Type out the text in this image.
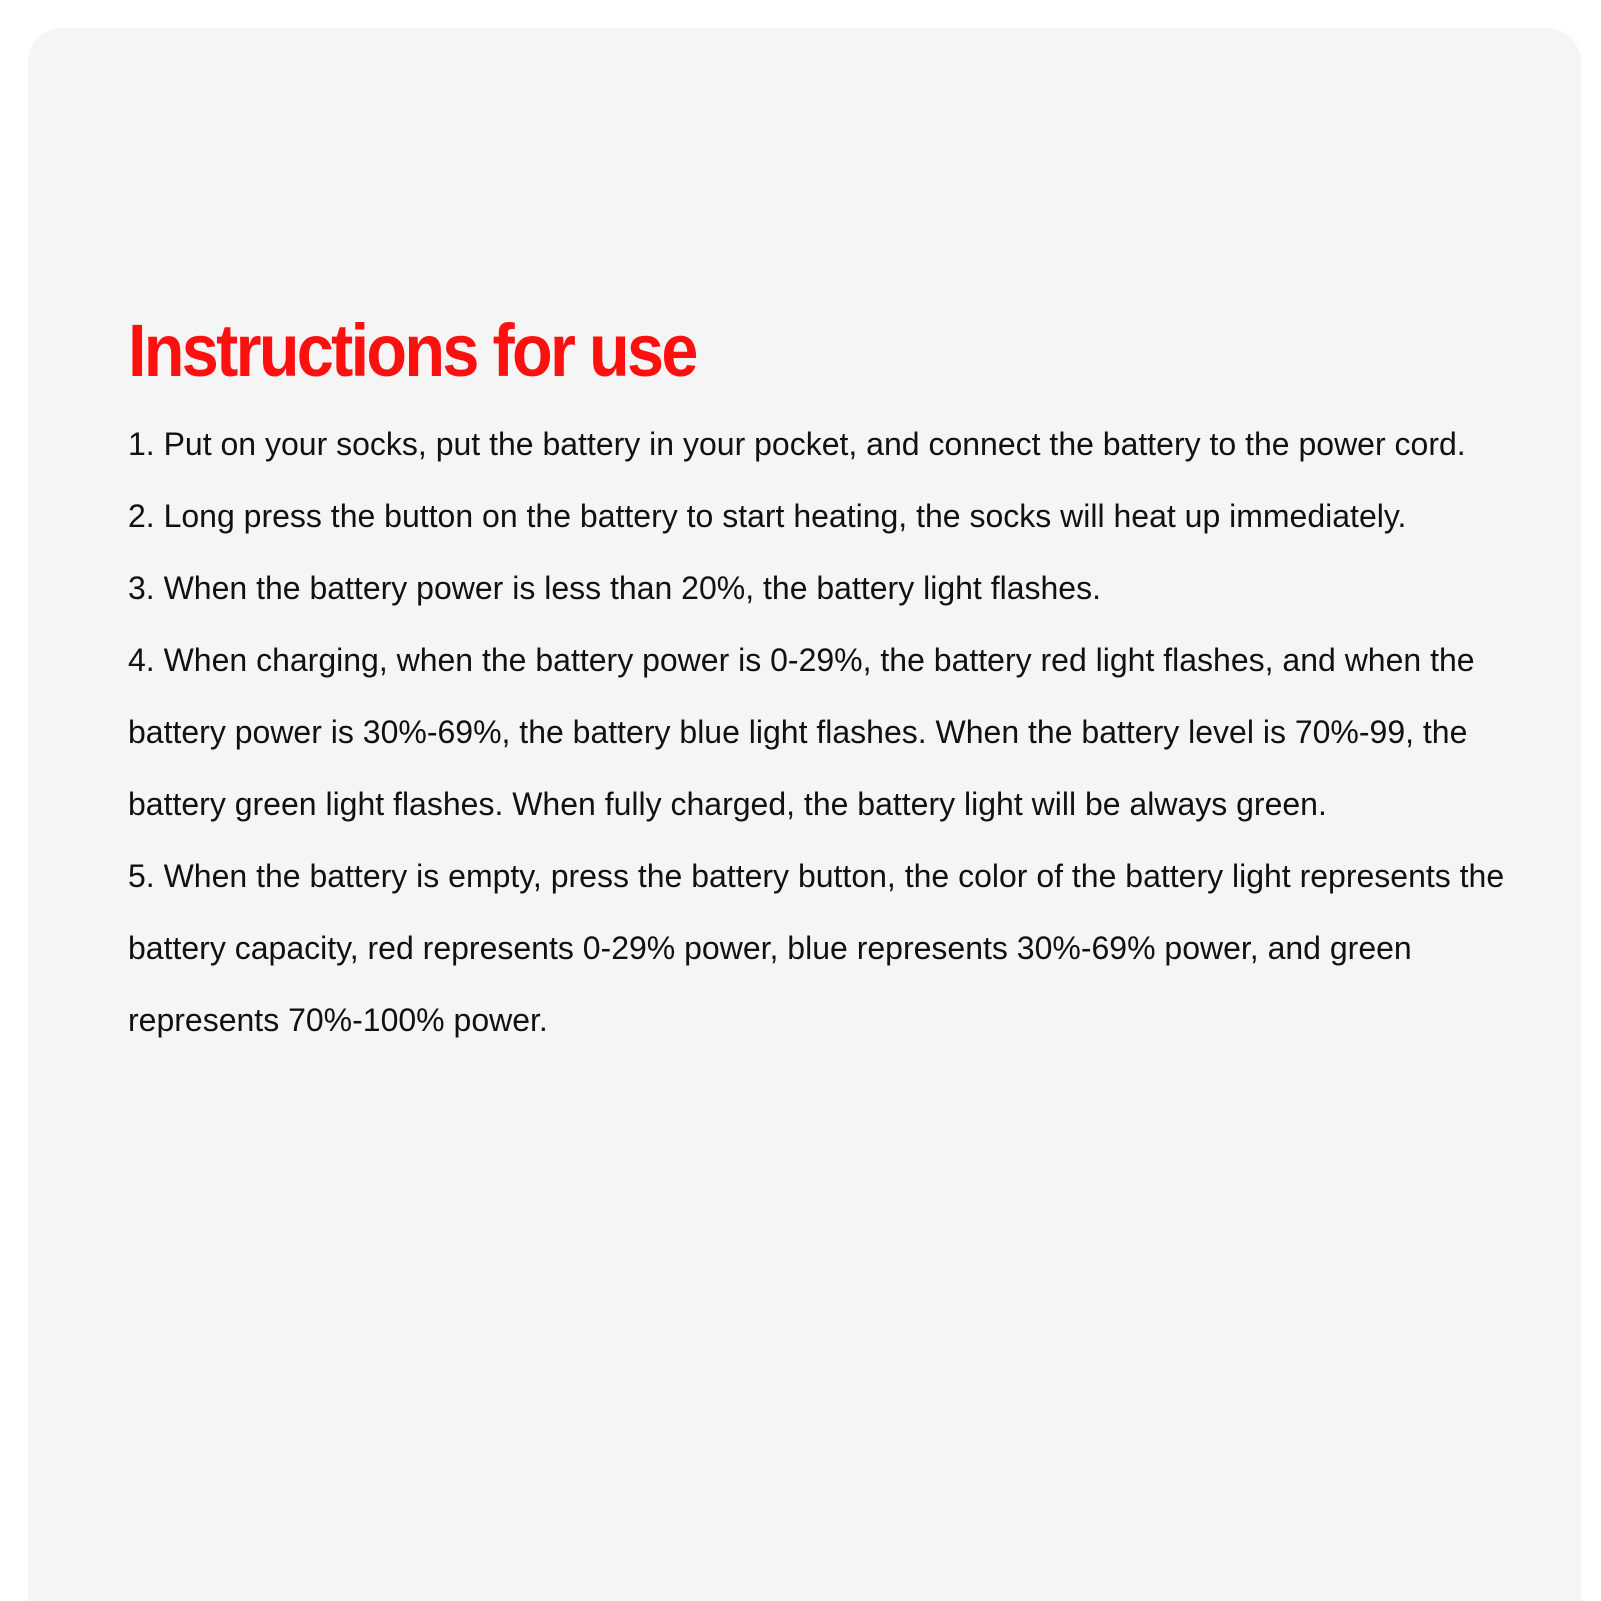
Instructions for use
1. Put on your socks, put the battery in your pocket, and connect the battery to the power cord.
2. Long press the button on the battery to start heating, the socks will heat up immediately.
3. When the battery power is less than 20%, the battery light flashes.
4. When charging, when the battery power is 0-29%, the battery red light flashes, and when the battery power is 30%-69%, the battery blue light flashes. When the battery level is 70%-99, the battery green light flashes. When fully charged, the battery light will be always green.
5. When the battery is empty, press the battery button, the color of the battery light represents the battery capacity, red represents 0-29% power, blue represents 30%-69% power, and green represents 70%-100% power.
